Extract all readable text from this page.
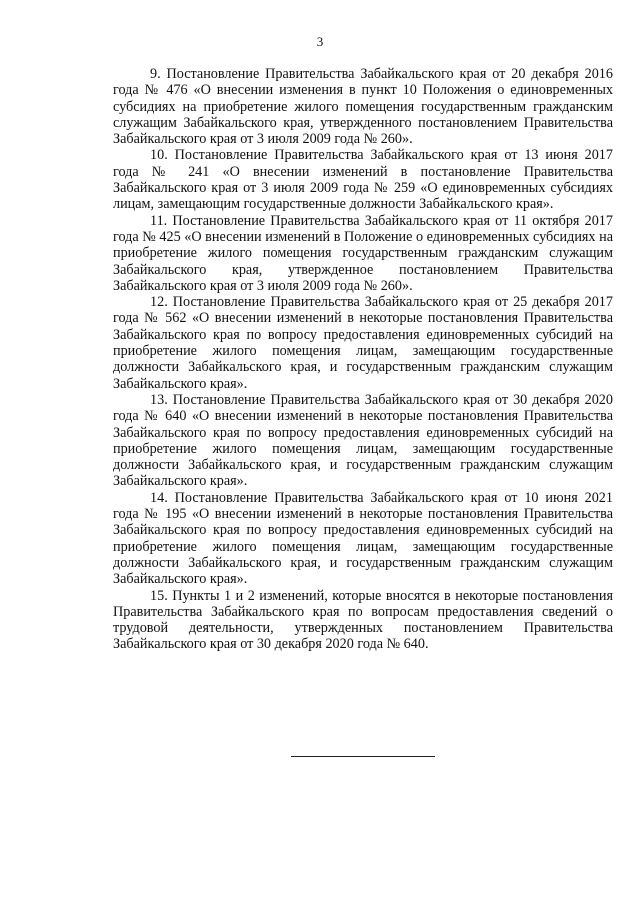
3

9. Постановление Правительства Забайкальского края от 20 декабря 2016 года № 476 «О внесении изменения в пункт 10 Положения о единовременных субсидиях на приобретение жилого помещения государственным гражданским служащим Забайкальского края, утвержденного постановлением Правительства Забайкальского края от 3 июля 2009 года № 260».

10. Постановление Правительства Забайкальского края от 13 июня 2017 года № 241 «О внесении изменений в постановление Правительства Забайкальского края от 3 июля 2009 года № 259 «О единовременных субсидиях лицам, замещающим государственные должности Забайкальского края».

11. Постановление Правительства Забайкальского края от 11 октября 2017 года № 425 «О внесении изменений в Положение о единовременных субсидиях на приобретение жилого помещения государственным гражданским служащим Забайкальского края, утвержденное постановлением Правительства Забайкальского края от 3 июля 2009 года № 260».

12. Постановление Правительства Забайкальского края от 25 декабря 2017 года № 562 «О внесении изменений в некоторые постановления Правительства Забайкальского края по вопросу предоставления единовременных субсидий на приобретение жилого помещения лицам, замещающим государственные должности Забайкальского края, и государственным гражданским служащим Забайкальского края».

13. Постановление Правительства Забайкальского края от 30 декабря 2020 года № 640 «О внесении изменений в некоторые постановления Правительства Забайкальского края по вопросу предоставления единовременных субсидий на приобретение жилого помещения лицам, замещающим государственные должности Забайкальского края, и государственным гражданским служащим Забайкальского края».

14. Постановление Правительства Забайкальского края от 10 июня 2021 года № 195 «О внесении изменений в некоторые постановления Правительства Забайкальского края по вопросу предоставления единовременных субсидий на приобретение жилого помещения лицам, замещающим государственные должности Забайкальского края, и государственным гражданским служащим Забайкальского края».

15. Пункты 1 и 2 изменений, которые вносятся в некоторые постановления Правительства Забайкальского края по вопросам предоставления сведений о трудовой деятельности, утвержденных постановлением Правительства Забайкальского края от 30 декабря 2020 года № 640.
